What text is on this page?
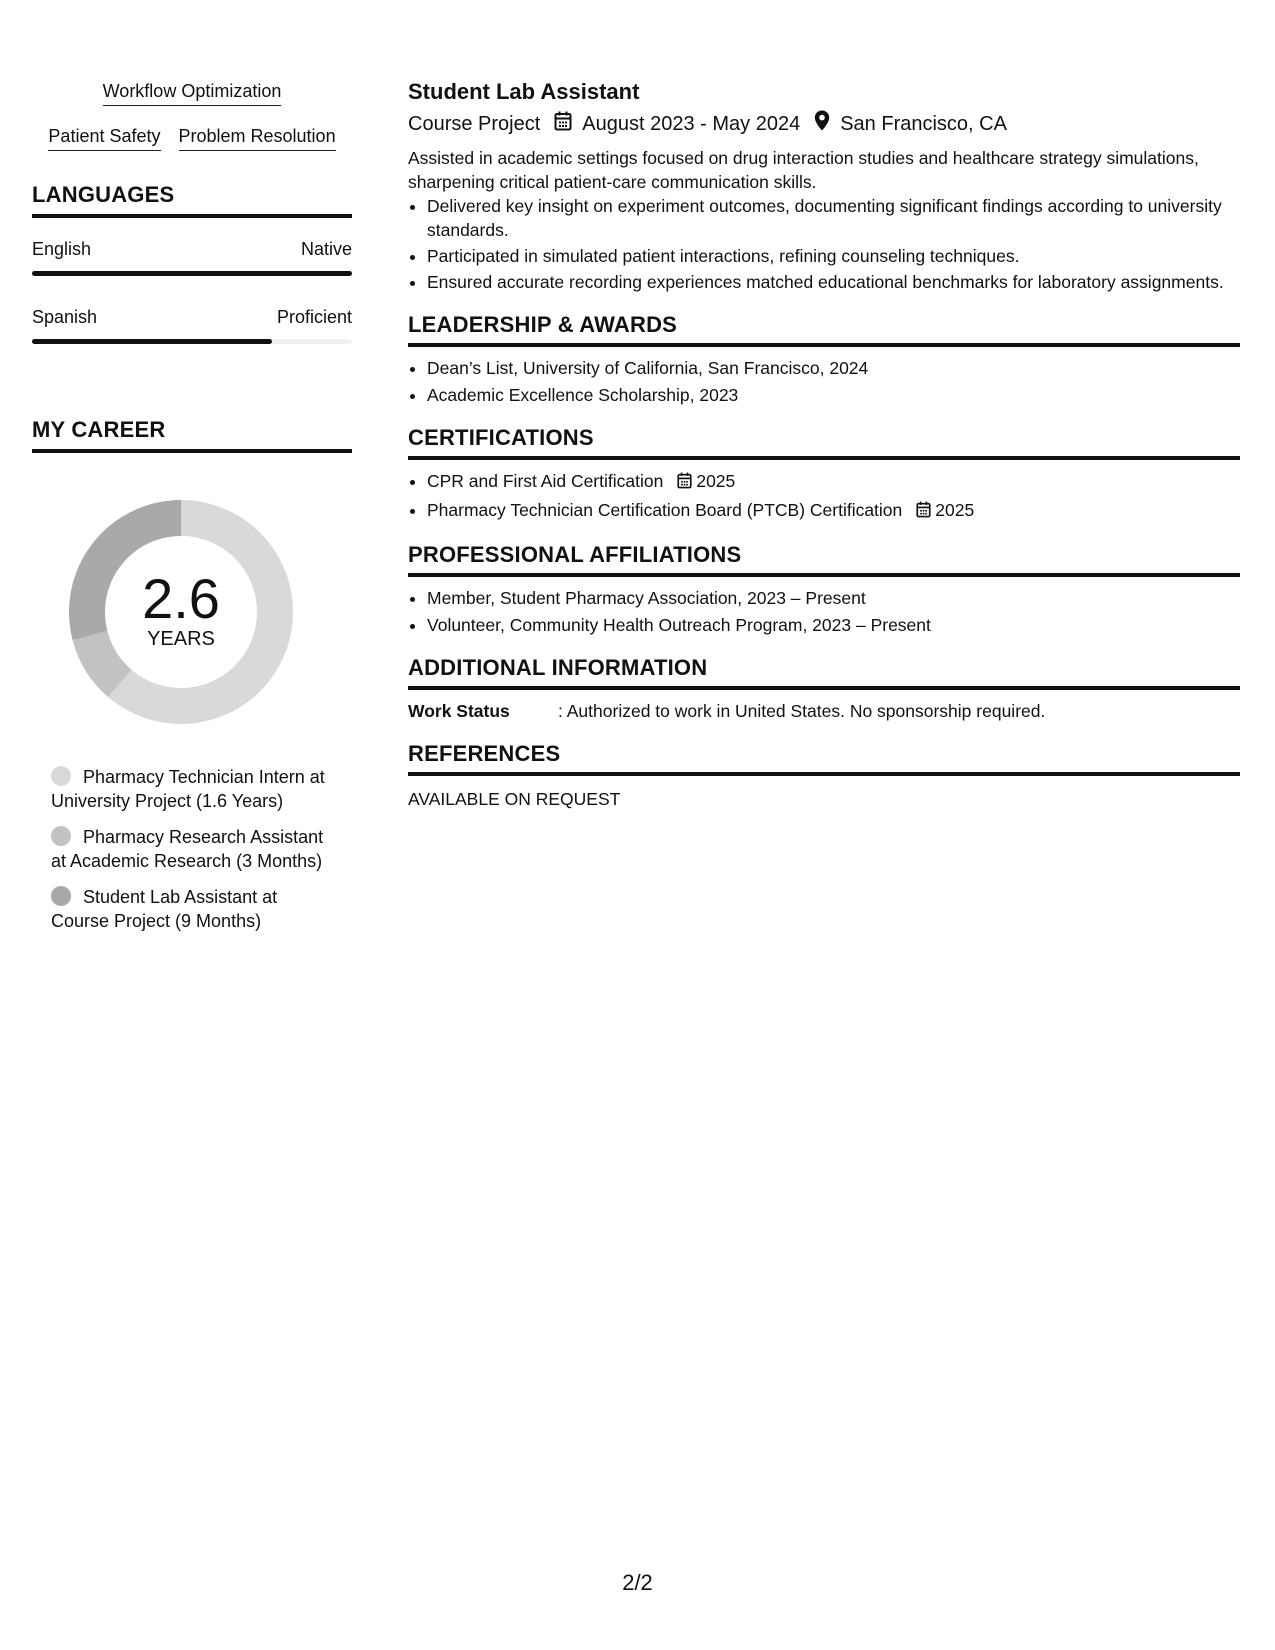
Workflow Optimization
Patient Safety Problem Resolution
LANGUAGES
English	Native
Spanish	Proficient
MY CAREER
2.6
YEARS
Pharmacy Technician Intern at University Project (1.6 Years)
Pharmacy Research Assistant at Academic Research (3 Months)
Student Lab Assistant at Course Project (9 Months)
Student Lab Assistant
Course Project August 2023 - May 2024 San Francisco, CA
Assisted in academic settings focused on drug interaction studies and healthcare strategy simulations, sharpening critical patient-care communication skills.
• Delivered key insight on experiment outcomes, documenting significant findings according to university standards.
• Participated in simulated patient interactions, refining counseling techniques.
• Ensured accurate recording experiences matched educational benchmarks for laboratory assignments.
LEADERSHIP & AWARDS
• Dean’s List, University of California, San Francisco, 2024
• Academic Excellence Scholarship, 2023
CERTIFICATIONS
• CPR and First Aid Certification 2025
• Pharmacy Technician Certification Board (PTCB) Certification 2025
PROFESSIONAL AFFILIATIONS
• Member, Student Pharmacy Association, 2023 – Present
• Volunteer, Community Health Outreach Program, 2023 – Present
ADDITIONAL INFORMATION
Work Status	: Authorized to work in United States. No sponsorship required.
REFERENCES
AVAILABLE ON REQUEST
2/2
